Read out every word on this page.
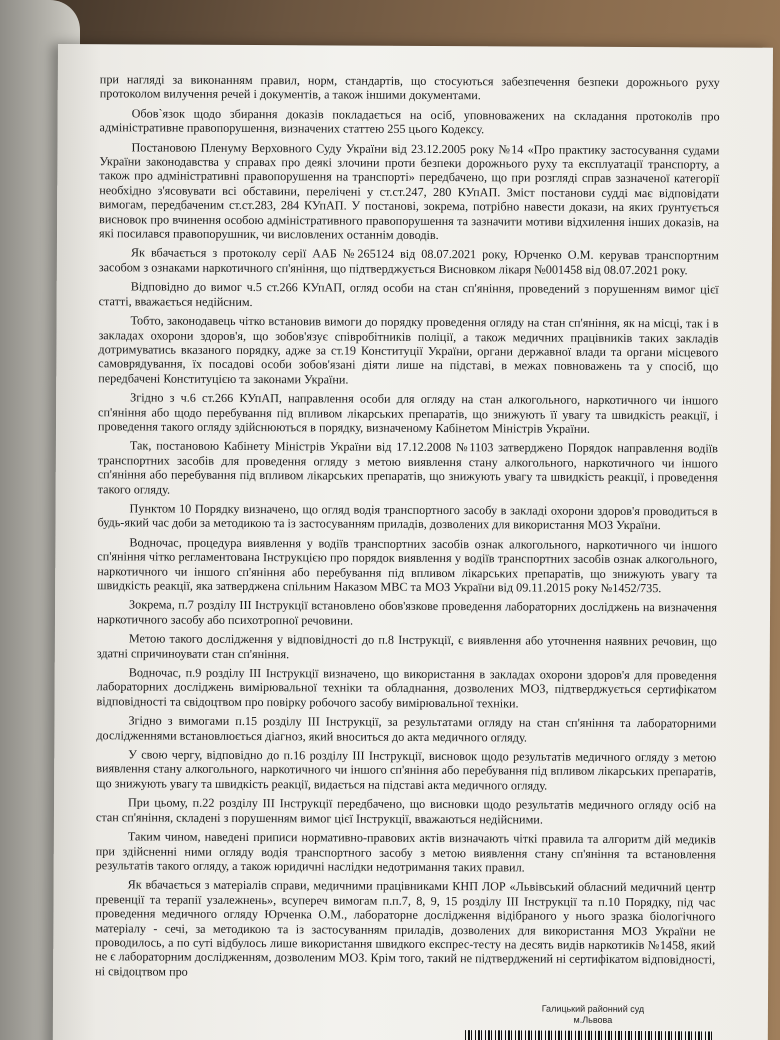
при нагляді за виконанням правил, норм, стандартів, що стосуються забезпечення безпеки дорожнього руху протоколом вилучення речей і документів, а також іншими документами.

Обов`язок щодо збирання доказів покладається на осіб, уповноважених на складання протоколів про адміністративне правопорушення, визначених статтею 255 цього Кодексу.

Постановою Пленуму Верховного Суду України від 23.12.2005 року №14 «Про практику застосування судами України законодавства у справах про деякі злочини проти безпеки дорожнього руху та експлуатації транспорту, а також про адміністративні правопорушення на транспорті» передбачено, що при розгляді справ зазначеної категорії необхідно з'ясовувати всі обставини, перелічені у ст.ст.247, 280 КУпАП. Зміст постанови судді має відповідати вимогам, передбаченим ст.ст.283, 284 КУпАП. У постанові, зокрема, потрібно навести докази, на яких ґрунтується висновок про вчинення особою адміністративного правопорушення та зазначити мотиви відхилення інших доказів, на які посилався правопорушник, чи висловлених останнім доводів.

Як вбачається з протоколу серії ААБ №265124 від 08.07.2021 року, Юрченко О.М. керував транспортним засобом з ознаками наркотичного сп'яніння, що підтверджується Висновком лікаря №001458 від 08.07.2021 року.

Відповідно до вимог ч.5 ст.266 КУпАП, огляд особи на стан сп'яніння, проведений з порушенням вимог цієї статті, вважається недійсним.

Тобто, законодавець чітко встановив вимоги до порядку проведення огляду на стан сп'яніння, як на місці, так і в закладах охорони здоров'я, що зобов'язує співробітників поліції, а також медичних працівників таких закладів дотримуватись вказаного порядку, адже за ст.19 Конституції України, органи державної влади та органи місцевого самоврядування, їх посадові особи зобов'язані діяти лише на підставі, в межах повноважень та у спосіб, що передбачені Конституцією та законами України.

Згідно з ч.6 ст.266 КУпАП, направлення особи для огляду на стан алкогольного, наркотичного чи іншого сп'яніння або щодо перебування під впливом лікарських препаратів, що знижують її увагу та швидкість реакції, і проведення такого огляду здійснюються в порядку, визначеному Кабінетом Міністрів України.

Так, постановою Кабінету Міністрів України від 17.12.2008 №1103 затверджено Порядок направлення водіїв транспортних засобів для проведення огляду з метою виявлення стану алкогольного, наркотичного чи іншого сп'яніння або перебування під впливом лікарських препаратів, що знижують увагу та швидкість реакції, і проведення такого огляду.

Пунктом 10 Порядку визначено, що огляд водія транспортного засобу в закладі охорони здоров'я проводиться в будь-який час доби за методикою та із застосуванням приладів, дозволених для використання МОЗ України.

Водночас, процедура виявлення у водіїв транспортних засобів ознак алкогольного, наркотичного чи іншого сп'яніння чітко регламентована Інструкцією про порядок виявлення у водіїв транспортних засобів ознак алкогольного, наркотичного чи іншого сп'яніння або перебування під впливом лікарських препаратів, що знижують увагу та швидкість реакції, яка затверджена спільним Наказом МВС та МОЗ України від 09.11.2015 року №1452/735.

Зокрема, п.7 розділу III Інструкції встановлено обов'язкове проведення лабораторних досліджень на визначення наркотичного засобу або психотропної речовини.

Метою такого дослідження у відповідності до п.8 Інструкції, є виявлення або уточнення наявних речовин, що здатні спричиноувати стан сп'яніння.

Водночас, п.9 розділу III Інструкції визначено, що використання в закладах охорони здоров'я для проведення лабораторних досліджень вимірювальної техніки та обладнання, дозволених МОЗ, підтверджується сертифікатом відповідності та свідоцтвом про повірку робочого засобу вимірювальної техніки.

Згідно з вимогами п.15 розділу III Інструкції, за результатами огляду на стан сп'яніння та лабораторними дослідженнями встановлюється діагноз, який вноситься до акта медичного огляду.

У свою чергу, відповідно до п.16 розділу III Інструкції, висновок щодо результатів медичного огляду з метою виявлення стану алкогольного, наркотичного чи іншого сп'яніння або перебування під впливом лікарських препаратів, що знижують увагу та швидкість реакції, видається на підставі акта медичного огляду.

При цьому, п.22 розділу III Інструкції передбачено, що висновки щодо результатів медичного огляду осіб на стан сп'яніння, складені з порушенням вимог цієї Інструкції, вважаються недійсними.

Таким чином, наведені приписи нормативно-правових актів визначають чіткі правила та алгоритм дій медиків при здійсненні ними огляду водія транспортного засобу з метою виявлення стану сп'яніння та встановлення результатів такого огляду, а також юридичні наслідки недотримання таких правил.

Як вбачається з матеріалів справи, медичними працівниками КНП ЛОР «Львівський обласний медичний центр превенції та терапії узалежнень», всупереч вимогам п.п.7, 8, 9, 15 розділу III Інструкції та п.10 Порядку, під час проведення медичного огляду Юрченка О.М., лабораторне дослідження відібраного у нього зразка біологічного матеріалу - сечі, за методикою та із застосуванням приладів, дозволених для використання МОЗ України не проводилось, а по суті відбулось лише використання швидкого експрес-тесту на десять видів наркотиків №1458, який не є лабораторним дослідженням, дозволеним МОЗ. Крім того, такий не підтверджений ні сертифікатом відповідності, ні свідоцтвом про

Галицький районний суд
м.Львова
